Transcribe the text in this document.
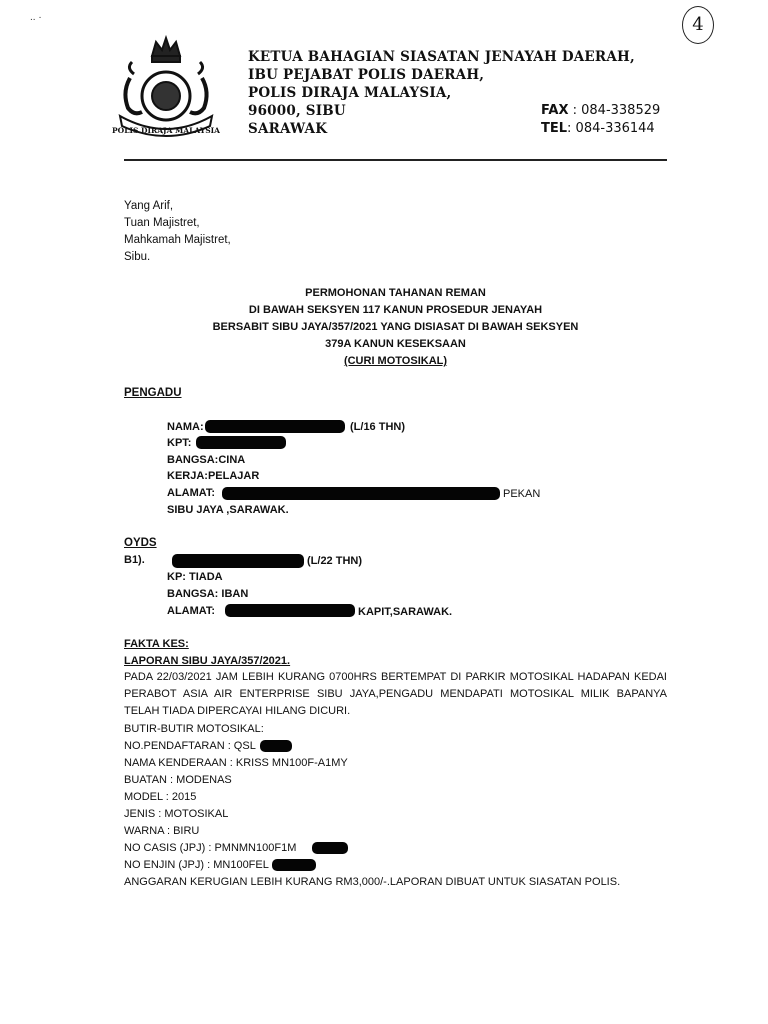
.. ·	4
POLIS DIRAJA MALAYSIA
KETUA BAHAGIAN SIASATAN JENAYAH DAERAH,
IBU PEJABAT POLIS DAERAH,
POLIS DIRAJA MALAYSIA,
96000, SIBU
SARAWAK
FAX : 084-338529
TEL: 084-336144
Yang Arif,
Tuan Majistret,
Mahkamah Majistret,
Sibu.
PERMOHONAN TAHANAN REMAN
DI BAWAH SEKSYEN 117 KANUN PROSEDUR JENAYAH
BERSABIT SIBU JAYA/357/2021 YANG DISIASAT DI BAWAH SEKSYEN
379A KANUN KESEKSAAN
(CURI MOTOSIKAL)
PENGADU
NAMA:	(L/16 THN)
KPT:
BANGSA:CINA
KERJA:PELAJAR
ALAMAT:	PEKAN
SIBU JAYA ,SARAWAK.
OYDS
B1).	(L/22 THN)
KP: TIADA
BANGSA: IBAN
ALAMAT:	KAPIT,SARAWAK.
FAKTA KES:
LAPORAN SIBU JAYA/357/2021.
PADA 22/03/2021 JAM LEBIH KURANG 0700HRS BERTEMPAT DI PARKIR MOTOSIKAL HADAPAN KEDAI PERABOT ASIA AIR ENTERPRISE SIBU JAYA,PENGADU MENDAPATI MOTOSIKAL MILIK BAPANYA TELAH TIADA DIPERCAYAI HILANG DICURI.
BUTIR-BUTIR MOTOSIKAL:
NO.PENDAFTARAN : QSL
NAMA KENDERAAN : KRISS MN100F-A1MY
BUATAN : MODENAS
MODEL : 2015
JENIS : MOTOSIKAL
WARNA : BIRU
NO CASIS (JPJ) : PMNMN100F1M
NO ENJIN (JPJ) : MN100FEL
ANGGARAN KERUGIAN LEBIH KURANG RM3,000/-.LAPORAN DIBUAT UNTUK SIASATAN POLIS.
